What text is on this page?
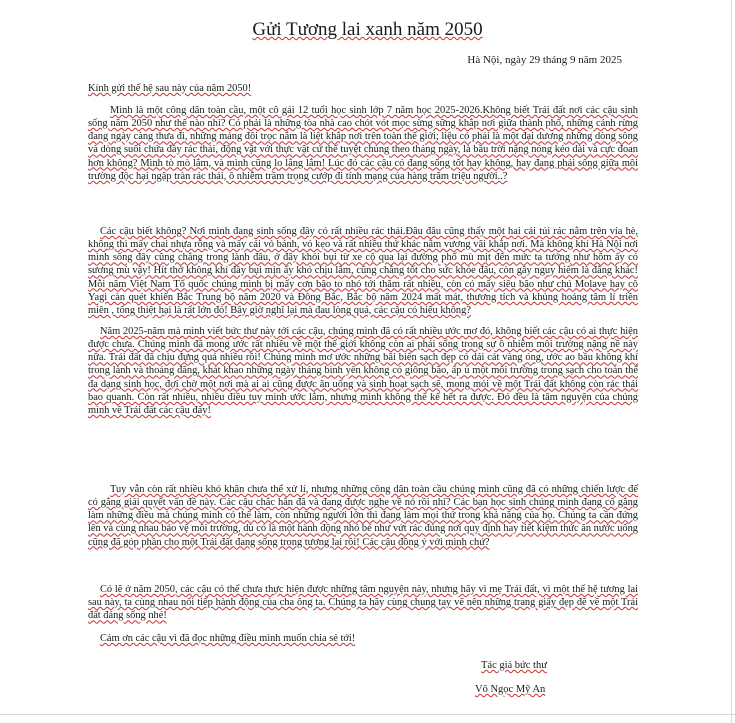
Gửi Tương lai xanh năm 2050
Hà Nội, ngày 29 tháng 9 năm 2025
Kính gửi thế hệ sau này của năm 2050!
Mình là một công dân toàn cầu, một cô gái 12 tuổi học sinh lớp 7 năm học 2025-2026.Không biết Trái đất nơi các cậu sinh sống năm 2050 như thế nào nhỉ? Có phải là những tòa nhà cao chót vót mọc sừng sững khắp nơi giữa thành phố, những cánh rừng đang ngày càng thưa đi, những mảng đôi trọc nắm là liệt khắp nơi trên toàn thế giới; liệu có phải là một đại dương những dòng sông và dòng suối chứa đầy rác thải, động vật với thực vật cứ thế tuyệt chủng theo tháng ngày, là bầu trời nặng nóng kéo dài và cực đoan hơn không? Mình tò mò lắm, và mình cũng lo lắng lắm! Lúc đó các cậu có đang sống tốt hay không, hay đang phải sống giữa môi trường độc hại ngập tràn rác thải, ô nhiễm trầm trọng cướp đi tính mạng của hàng trăm triệu người..?
Các cậu biết không? Nơi mình đang sinh sống đây có rất nhiều rác thải.Đâu đâu cũng thấy một hai cái túi rác nằm trên vỉa hè, không thì mấy chai nhựa rỗng và mấy cái vỏ bánh, vỏ kẹo và rất nhiều thứ khác nằm vương vãi khắp nơi. Mà không khí Hà Nội nơi mình sống đây cũng chẳng trong lành đâu, ở đây khói bụi từ xe cộ qua lại đường phố mù mịt đến mức ta tưởng như hôm ấy có sương mù vậy! Hít thở không khí đầy bụi mịn ấy khó chịu lắm, cũng chẳng tốt cho sức khỏe đâu, còn gây nguy hiểm là đằng khác! Mỗi năm Việt Nam Tổ quốc chúng mình bị mấy cơn bão to nhỏ tới thăm rất nhiều, còn có mấy siêu bão như chú Molave hay cô Yagi càn quét khiến Bắc Trung bộ năm 2020 và Đông Bắc, Bắc bộ năm 2024 mất mát, thương tích và khủng hoảng tâm lí triền miên , tổng thiệt hại là rất lớn đó! Bây giờ nghĩ lại mà đau lòng quá, các cậu có hiểu không?
Năm 2025-năm mà mình viết bức thư này tới các cậu, chúng mình đã có rất nhiều ước mơ đó, không biết các cậu có ai thực hiện được chưa. Chúng mình đã mong ước rất nhiều về một thế giới không còn ai phải sống trong sự ô nhiễm môi trường nặng nề này nữa. Trái đất đã chịu đựng quá nhiều rồi! Chúng mình mơ ước những bãi biển sạch đẹp có dải cát vàng óng, ước ao bầu không khí trong lành và thoáng đãng, khát khao những ngày tháng bình yên không có giông bão, ấp ủ một môi trường trong sạch cho toàn thể đa dạng sinh học, đợi chờ một nơi mà ai ai cũng được ăn uống và sinh hoạt sạch sẽ, mong mỏi về một Trái đất không còn rác thải bao quanh. Còn rất nhiều, nhiều điều tuy mình ước lắm, nhưng mình không thể kể hết ra được. Đó đều là tâm nguyện của chúng mình về Trái đất các cậu đấy!
Tuy vẫn còn rất nhiều khó khăn chưa thể xử lí, nhưng những công dân toàn cầu chúng mình cũng đã có những chiến lược để có gắng giải quyết vấn đề này. Các cậu chắc hẳn đã và đang được nghe về nó rồi nhỉ? Các bạn học sinh chúng mình đang cố gắng làm những điều mà chúng mình có thể làm, còn những người lớn thì đang làm mọi thứ trong khả năng của họ. Chúng ta cần đứng lên và cùng nhau bảo vệ môi trường, dù có là một hành động nhỏ bé như vứt rác đúng nơi quy định hay tiết kiệm thức ăn nước uống cũng đã góp phần cho một Trái đất đang sống trong tương lai rồi! Các cậu đồng ý với mình chứ?
Có lẽ ở năm 2050, các cậu có thể chưa thực hiện được những tâm nguyện này, nhưng hãy vì mẹ Trái đất, vì một thế hệ tương lai sau này, ta cùng nhau nối tiếp hành động của cha ông ta. Chúng ta hãy cùng chung tay vẽ nên những trang giấy đẹp đẽ về một Trái đất đáng sống nhé!
Cảm ơn các cậu vì đã đọc những điều mình muốn chia sẻ tới!
Tác giả bức thư
Võ Ngọc Mỹ An
